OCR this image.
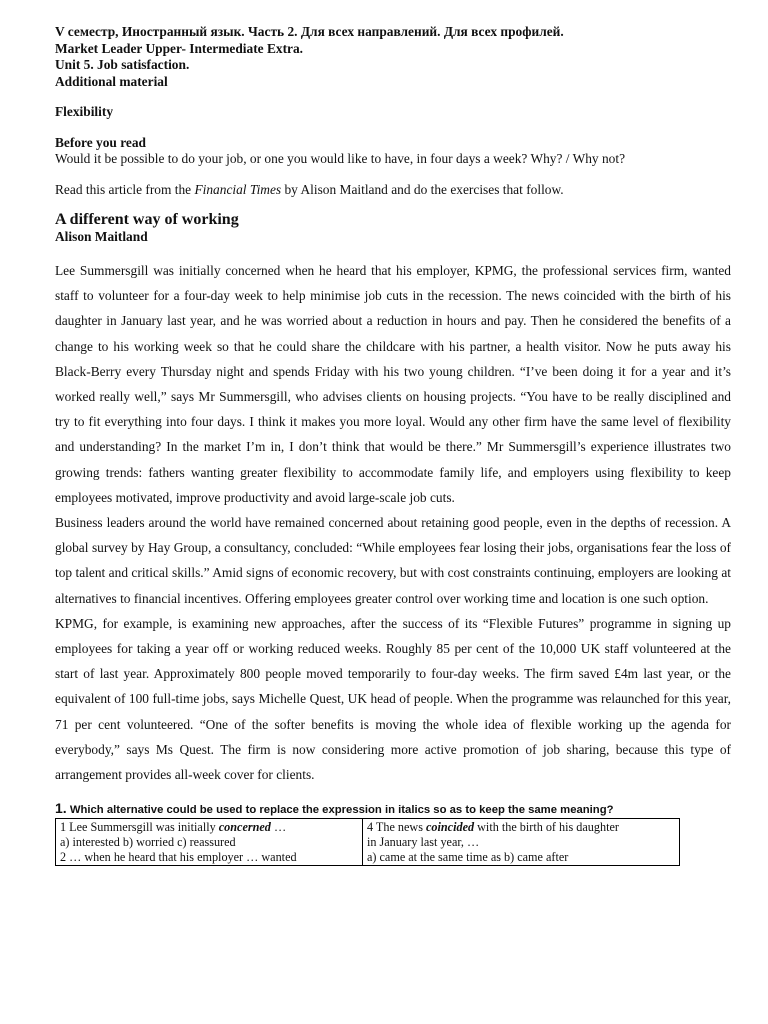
V семестр, Иностранный язык. Часть 2. Для всех направлений. Для всех профилей.
Market Leader Upper- Intermediate Extra.
Unit 5. Job satisfaction.
Additional material
Flexibility
Before you read
Would it be possible to do your job, or one you would like to have, in four days a week? Why? / Why not?
Read this article from the Financial Times by Alison Maitland and do the exercises that follow.
A different way of working
Alison Maitland

Lee Summersgill was initially concerned when he heard that his employer, KPMG, the professional services firm, wanted staff to volunteer for a four-day week to help minimise job cuts in the recession. The news coincided with the birth of his daughter in January last year, and he was worried about a reduction in hours and pay. Then he considered the benefits of a change to his working week so that he could share the childcare with his partner, a health visitor. Now he puts away his Black-Berry every Thursday night and spends Friday with his two young children. “I’ve been doing it for a year and it’s worked really well,” says Mr Summersgill, who advises clients on housing projects. “You have to be really disciplined and try to fit everything into four days. I think it makes you more loyal. Would any other firm have the same level of flexibility and understanding? In the market I’m in, I don’t think that would be there.” Mr Summersgill’s experience illustrates two growing trends: fathers wanting greater flexibility to accommodate family life, and employers using flexibility to keep employees motivated, improve productivity and avoid large-scale job cuts.

Business leaders around the world have remained concerned about retaining good people, even in the depths of recession. A global survey by Hay Group, a consultancy, concluded: “While employees fear losing their jobs, organisations fear the loss of top talent and critical skills.” Amid signs of economic recovery, but with cost constraints continuing, employers are looking at alternatives to financial incentives. Offering employees greater control over working time and location is one such option.

KPMG, for example, is examining new approaches, after the success of its “Flexible Futures” programme in signing up employees for taking a year off or working reduced weeks. Roughly 85 per cent of the 10,000 UK staff volunteered at the start of last year. Approximately 800 people moved temporarily to four-day weeks. The firm saved £4m last year, or the equivalent of 100 full-time jobs, says Michelle Quest, UK head of people. When the programme was relaunched for this year, 71 per cent volunteered. “One of the softer benefits is moving the whole idea of flexible working up the agenda for everybody,” says Ms Quest. The firm is now considering more active promotion of job sharing, because this type of arrangement provides all-week cover for clients.

1. Which alternative could be used to replace the expression in italics so as to keep the same meaning?
1 Lee Summersgill was initially concerned …
a) interested b) worried c) reassured
2 … when he heard that his employer … wanted

4 The news coincided with the birth of his daughter
in January last year, …
a) came at the same time as b) came after
